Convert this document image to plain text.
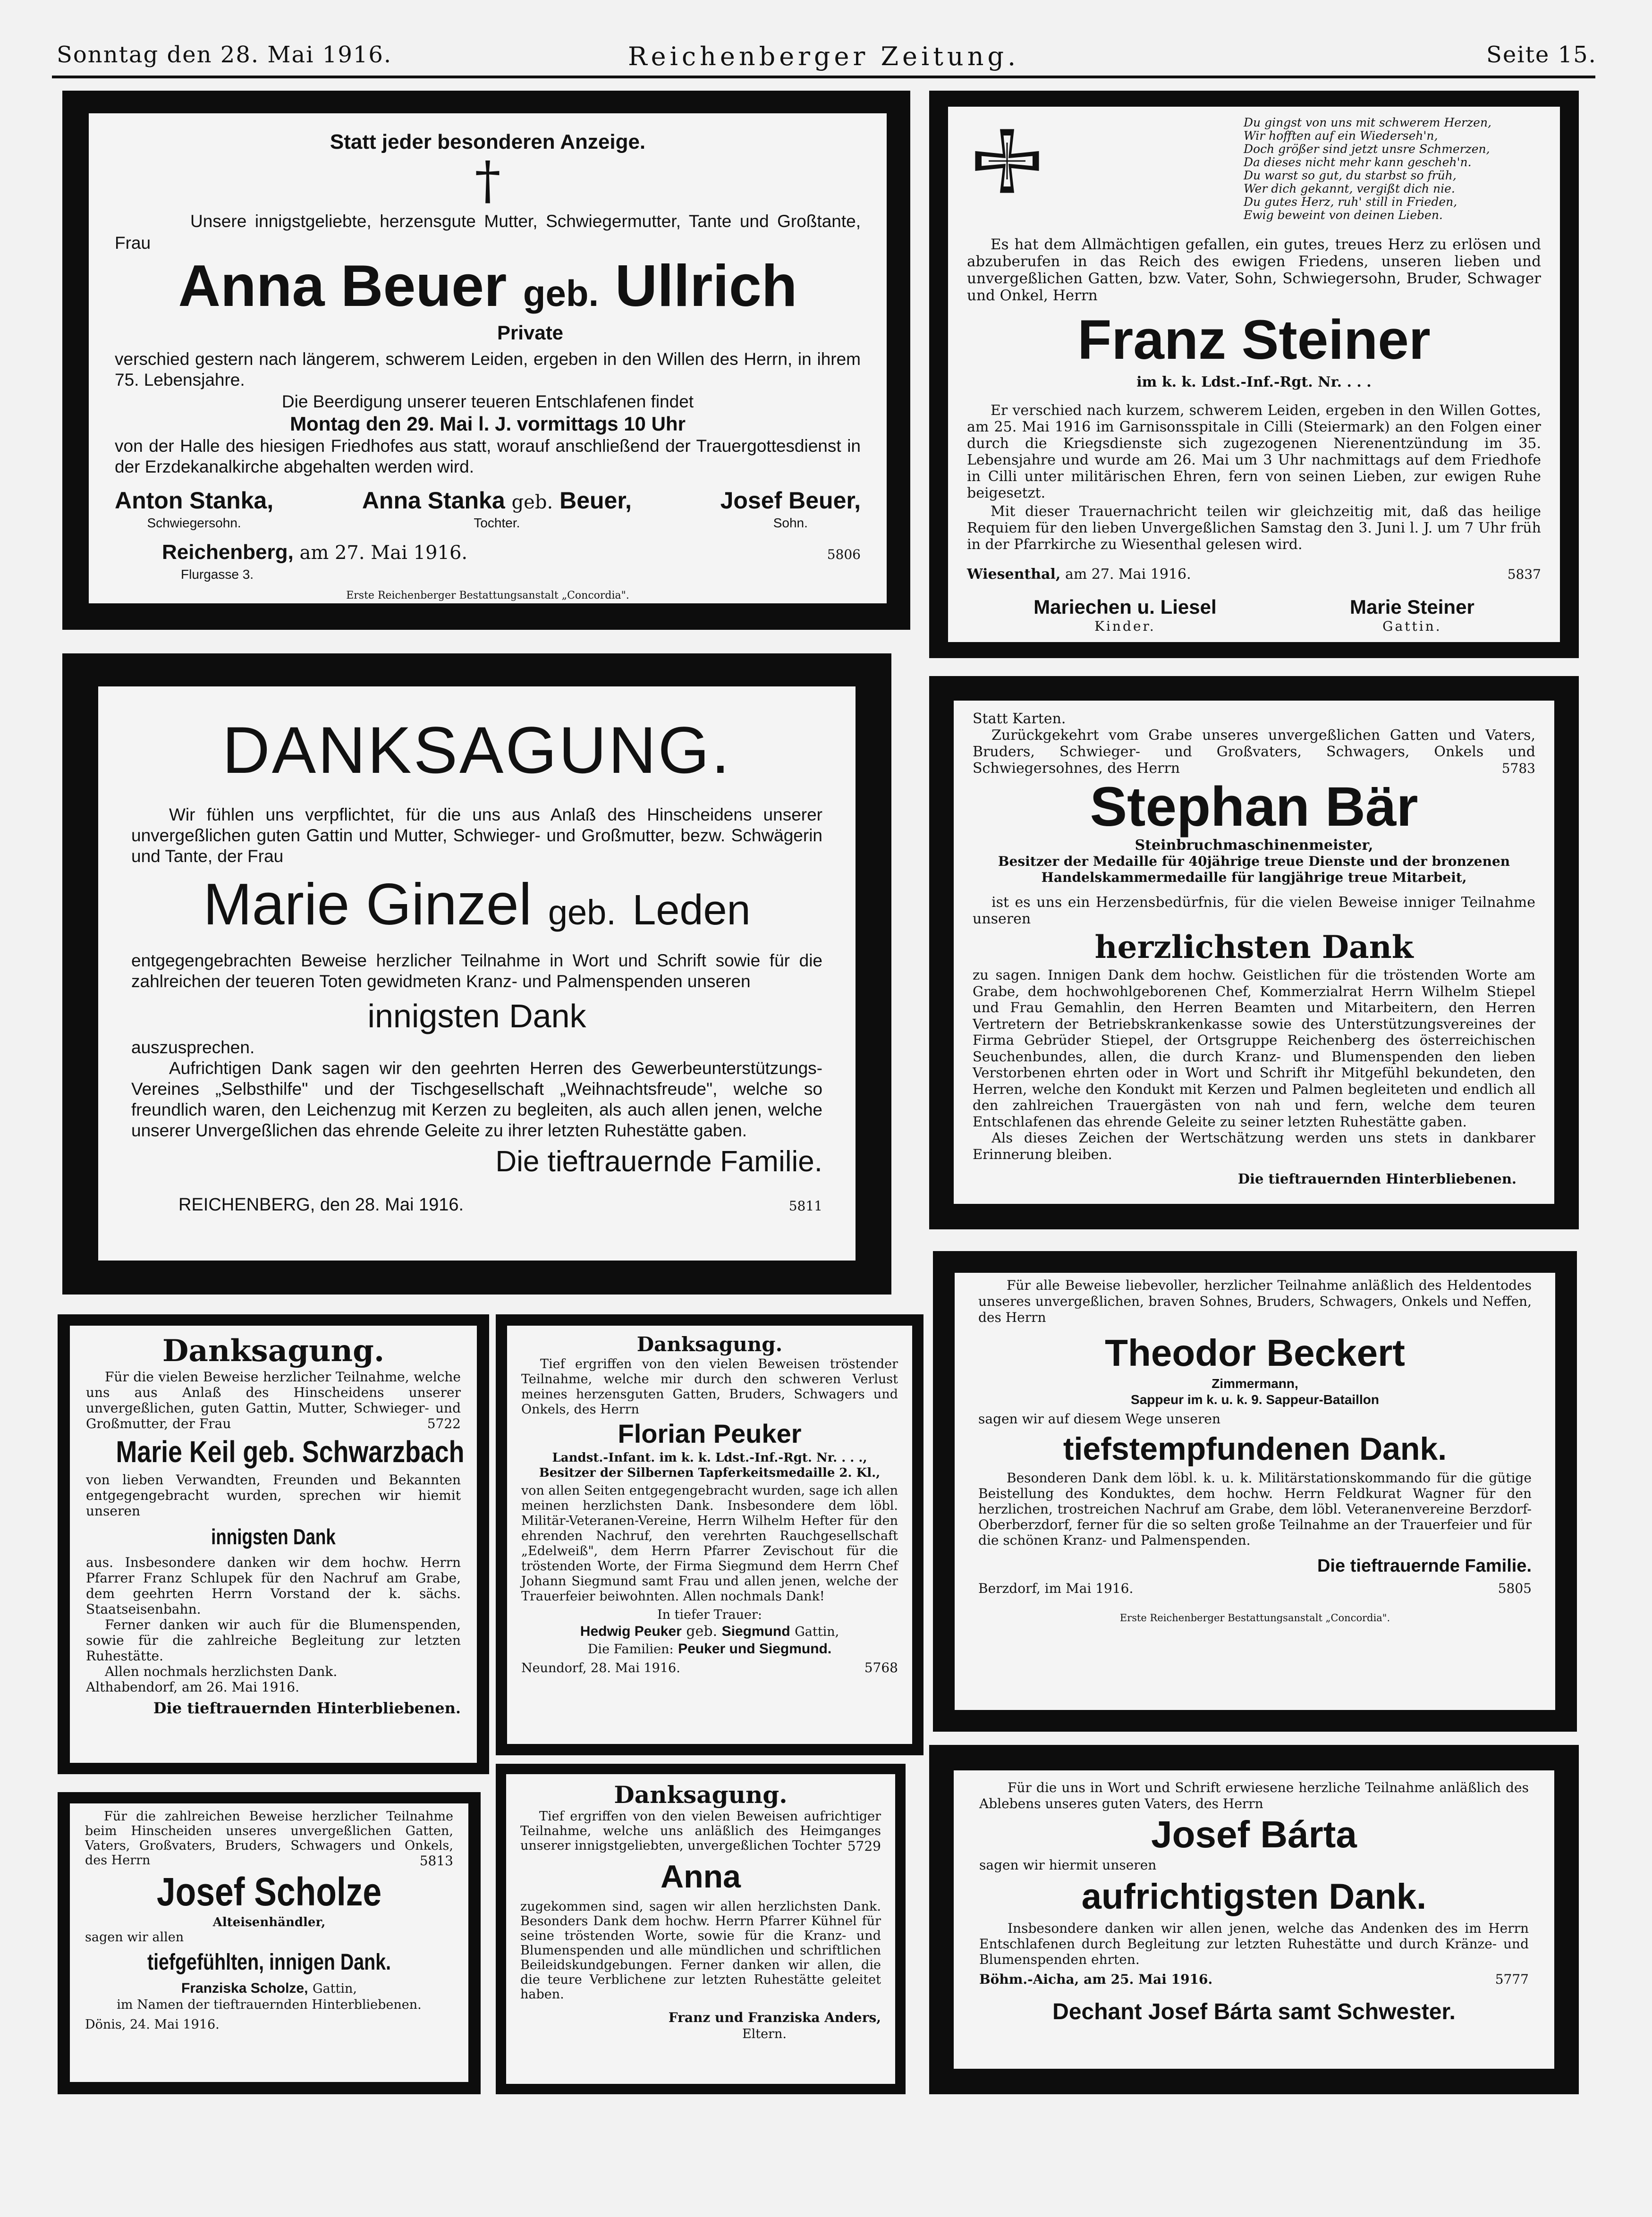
Sonntag den 28. Mai 1916.	Reichenberger Zeitung.	Seite 15.

Statt jeder besonderen Anzeige.

†

Unsere innigstgeliebte, herzensgute Mutter, Schwiegermutter, Tante und Großtante, Frau

Anna Beuer geb. Ullrich

Private

verschied gestern nach längerem, schwerem Leiden, ergeben in den Willen des Herrn, in ihrem 75. Lebensjahre.

Die Beerdigung unserer teueren Entschlafenen findet

Montag den 29. Mai l. J. vormittags 10 Uhr

von der Halle des hiesigen Friedhofes aus statt, worauf anschließend der Trauergottesdienst in der Erzdekanalkirche abgehalten werden wird.

Anton Stanka,
Schwiegersohn.
Anna Stanka geb. Beuer,
Tochter.
Josef Beuer,
Sohn.
Reichenberg, am 27. Mai 1916.	5806

Flurgasse 3.

Erste Reichenberger Bestattungsanstalt „Concordia".

Du gingst von uns mit schwerem Herzen,
Wir hofften auf ein Wiederseh'n,
Doch größer sind jetzt unsre Schmerzen,
Da dieses nicht mehr kann gescheh'n.
Du warst so gut, du starbst so früh,
Wer dich gekannt, vergißt dich nie.
Du gutes Herz, ruh' still in Frieden,
Ewig beweint von deinen Lieben.

Es hat dem Allmächtigen gefallen, ein gutes, treues Herz zu erlösen und abzuberufen in das Reich des ewigen Friedens, unseren lieben und unvergeßlichen Gatten, bzw. Vater, Sohn, Schwiegersohn, Bruder, Schwager und Onkel, Herrn

Franz Steiner

im k. k. Ldst.-Inf.-Rgt. Nr. . . .

Er verschied nach kurzem, schwerem Leiden, ergeben in den Willen Gottes, am 25. Mai 1916 im Garnisonsspitale in Cilli (Steiermark) an den Folgen einer durch die Kriegsdienste sich zugezogenen Nierenentzündung im 35. Lebensjahre und wurde am 26. Mai um 3 Uhr nachmittags auf dem Friedhofe in Cilli unter militärischen Ehren, fern von seinen Lieben, zur ewigen Ruhe beigesetzt.

Mit dieser Trauernachricht teilen wir gleichzeitig mit, daß das heilige Requiem für den lieben Unvergeßlichen Samstag den 3. Juni l. J. um 7 Uhr früh in der Pfarrkirche zu Wiesenthal gelesen wird.

Wiesenthal, am 27. Mai 1916.	5837
Mariechen u. Liesel
Kinder.
Marie Steiner
Gattin.

DANKSAGUNG.

Wir fühlen uns verpflichtet, für die uns aus Anlaß des Hinscheidens unserer unvergeßlichen guten Gattin und Mutter, Schwieger- und Großmutter, bezw. Schwägerin und Tante, der Frau

Marie Ginzel geb. Leden

entgegengebrachten Beweise herzlicher Teilnahme in Wort und Schrift sowie für die zahlreichen der teueren Toten gewidmeten Kranz- und Palmenspenden unseren

innigsten Dank

auszusprechen.

Aufrichtigen Dank sagen wir den geehrten Herren des Gewerbeunterstützungs-Vereines „Selbsthilfe" und der Tischgesellschaft „Weihnachtsfreude", welche so freundlich waren, den Leichenzug mit Kerzen zu begleiten, als auch allen jenen, welche unserer Unvergeßlichen das ehrende Geleite zu ihrer letzten Ruhestätte gaben.

Die tieftrauernde Familie.

REICHENBERG, den 28. Mai 1916.	5811

Statt Karten.

Zurückgekehrt vom Grabe unseres unvergeßlichen Gatten und Vaters, Bruders, Schwieger- und Großvaters, Schwagers, Onkels und Schwiegersohnes, des Herrn	5783

Stephan Bär

Steinbruchmaschinenmeister,

Besitzer der Medaille für 40jährige treue Dienste und der bronzenen Handelskammermedaille für langjährige treue Mitarbeit,

ist es uns ein Herzensbedürfnis, für die vielen Beweise inniger Teilnahme unseren

herzlichsten Dank

zu sagen. Innigen Dank dem hochw. Geistlichen für die tröstenden Worte am Grabe, dem hochwohlgeborenen Chef, Kommerzialrat Herrn Wilhelm Stiepel und Frau Gemahlin, den Herren Beamten und Mitarbeitern, den Herren Vertretern der Betriebskrankenkasse sowie des Unterstützungsvereines der Firma Gebrüder Stiepel, der Ortsgruppe Reichenberg des österreichischen Seuchenbundes, allen, die durch Kranz- und Blumenspenden den lieben Verstorbenen ehrten oder in Wort und Schrift ihr Mitgefühl bekundeten, den Herren, welche den Kondukt mit Kerzen und Palmen begleiteten und endlich all den zahlreichen Trauergästen von nah und fern, welche dem teuren Entschlafenen das ehrende Geleite zu seiner letzten Ruhestätte gaben.

Als dieses Zeichen der Wertschätzung werden uns stets in dankbarer Erinnerung bleiben.

Die tieftrauernden Hinterbliebenen.

Danksagung.

Für die vielen Beweise herzlicher Teilnahme, welche uns aus Anlaß des Hinscheidens unserer unvergeßlichen, guten Gattin, Mutter, Schwieger- und Großmutter, der Frau	5722

Marie Keil geb. Schwarzbach

von lieben Verwandten, Freunden und Bekannten entgegengebracht wurden, sprechen wir hiemit unseren

innigsten Dank

aus. Insbesondere danken wir dem hochw. Herrn Pfarrer Franz Schlupek für den Nachruf am Grabe, dem geehrten Herrn Vorstand der k. sächs. Staatseisenbahn.

Ferner danken wir auch für die Blumenspenden, sowie für die zahlreiche Begleitung zur letzten Ruhestätte.

Allen nochmals herzlichsten Dank.

Althabendorf, am 26. Mai 1916.

Die tieftrauernden Hinterbliebenen.

Danksagung.

Tief ergriffen von den vielen Beweisen tröstender Teilnahme, welche mir durch den schweren Verlust meines herzensguten Gatten, Bruders, Schwagers und Onkels, des Herrn

Florian Peuker

Landst.-Infant. im k. k. Ldst.-Inf.-Rgt. Nr. . . .,

Besitzer der Silbernen Tapferkeitsmedaille 2. Kl.,

von allen Seiten entgegengebracht wurden, sage ich allen meinen herzlichsten Dank. Insbesondere dem löbl. Militär-Veteranen-Vereine, Herrn Wilhelm Hefter für den ehrenden Nachruf, den verehrten Rauchgesellschaft „Edelweiß", dem Herrn Pfarrer Zevischout für die tröstenden Worte, der Firma Siegmund dem Herrn Chef Johann Siegmund samt Frau und allen jenen, welche der Trauerfeier beiwohnten. Allen nochmals Dank!

In tiefer Trauer:

Hedwig Peuker geb. Siegmund Gattin,

Die Familien: Peuker und Siegmund.

Neundorf, 28. Mai 1916.	5768

Für alle Beweise liebevoller, herzlicher Teilnahme anläßlich des Heldentodes unseres unvergeßlichen, braven Sohnes, Bruders, Schwagers, Onkels und Neffen, des Herrn

Theodor Beckert

Zimmermann,

Sappeur im k. u. k. 9. Sappeur-Bataillon

sagen wir auf diesem Wege unseren

tiefstempfundenen Dank.

Besonderen Dank dem löbl. k. u. k. Militärstationskommando für die gütige Beistellung des Konduktes, dem hochw. Herrn Feldkurat Wagner für den herzlichen, trostreichen Nachruf am Grabe, dem löbl. Veteranenvereine Berzdorf-Oberberzdorf, ferner für die so selten große Teilnahme an der Trauerfeier und für die schönen Kranz- und Palmenspenden.

Die tieftrauernde Familie.

Berzdorf, im Mai 1916.	5805

Erste Reichenberger Bestattungsanstalt „Concordia".

Für die zahlreichen Beweise herzlicher Teilnahme beim Hinscheiden unseres unvergeßlichen Gatten, Vaters, Großvaters, Bruders, Schwagers und Onkels, des Herrn	5813

Josef Scholze

Alteisenhändler,

sagen wir allen

tiefgefühlten, innigen Dank.

Franziska Scholze, Gattin,

im Namen der tieftrauernden Hinterbliebenen.

Dönis, 24. Mai 1916.

Danksagung.

Tief ergriffen von den vielen Beweisen aufrichtiger Teilnahme, welche uns anläßlich des Heimganges unserer innigstgeliebten, unvergeßlichen Tochter 5729

Anna

zugekommen sind, sagen wir allen herzlichsten Dank. Besonders Dank dem hochw. Herrn Pfarrer Kühnel für seine tröstenden Worte, sowie für die Kranz- und Blumenspenden und alle mündlichen und schriftlichen Beileidskundgebungen. Ferner danken wir allen, die die teure Verblichene zur letzten Ruhestätte geleitet haben.

Franz und Franziska Anders,

Eltern.

Für die uns in Wort und Schrift erwiesene herzliche Teilnahme anläßlich des Ablebens unseres guten Vaters, des Herrn

Josef Bárta

sagen wir hiermit unseren

aufrichtigsten Dank.

Insbesondere danken wir allen jenen, welche das Andenken des im Herrn Entschlafenen durch Begleitung zur letzten Ruhestätte und durch Kränze- und Blumenspenden ehrten.

Böhm.-Aicha, am 25. Mai 1916.	5777

Dechant Josef Bárta samt Schwester.
